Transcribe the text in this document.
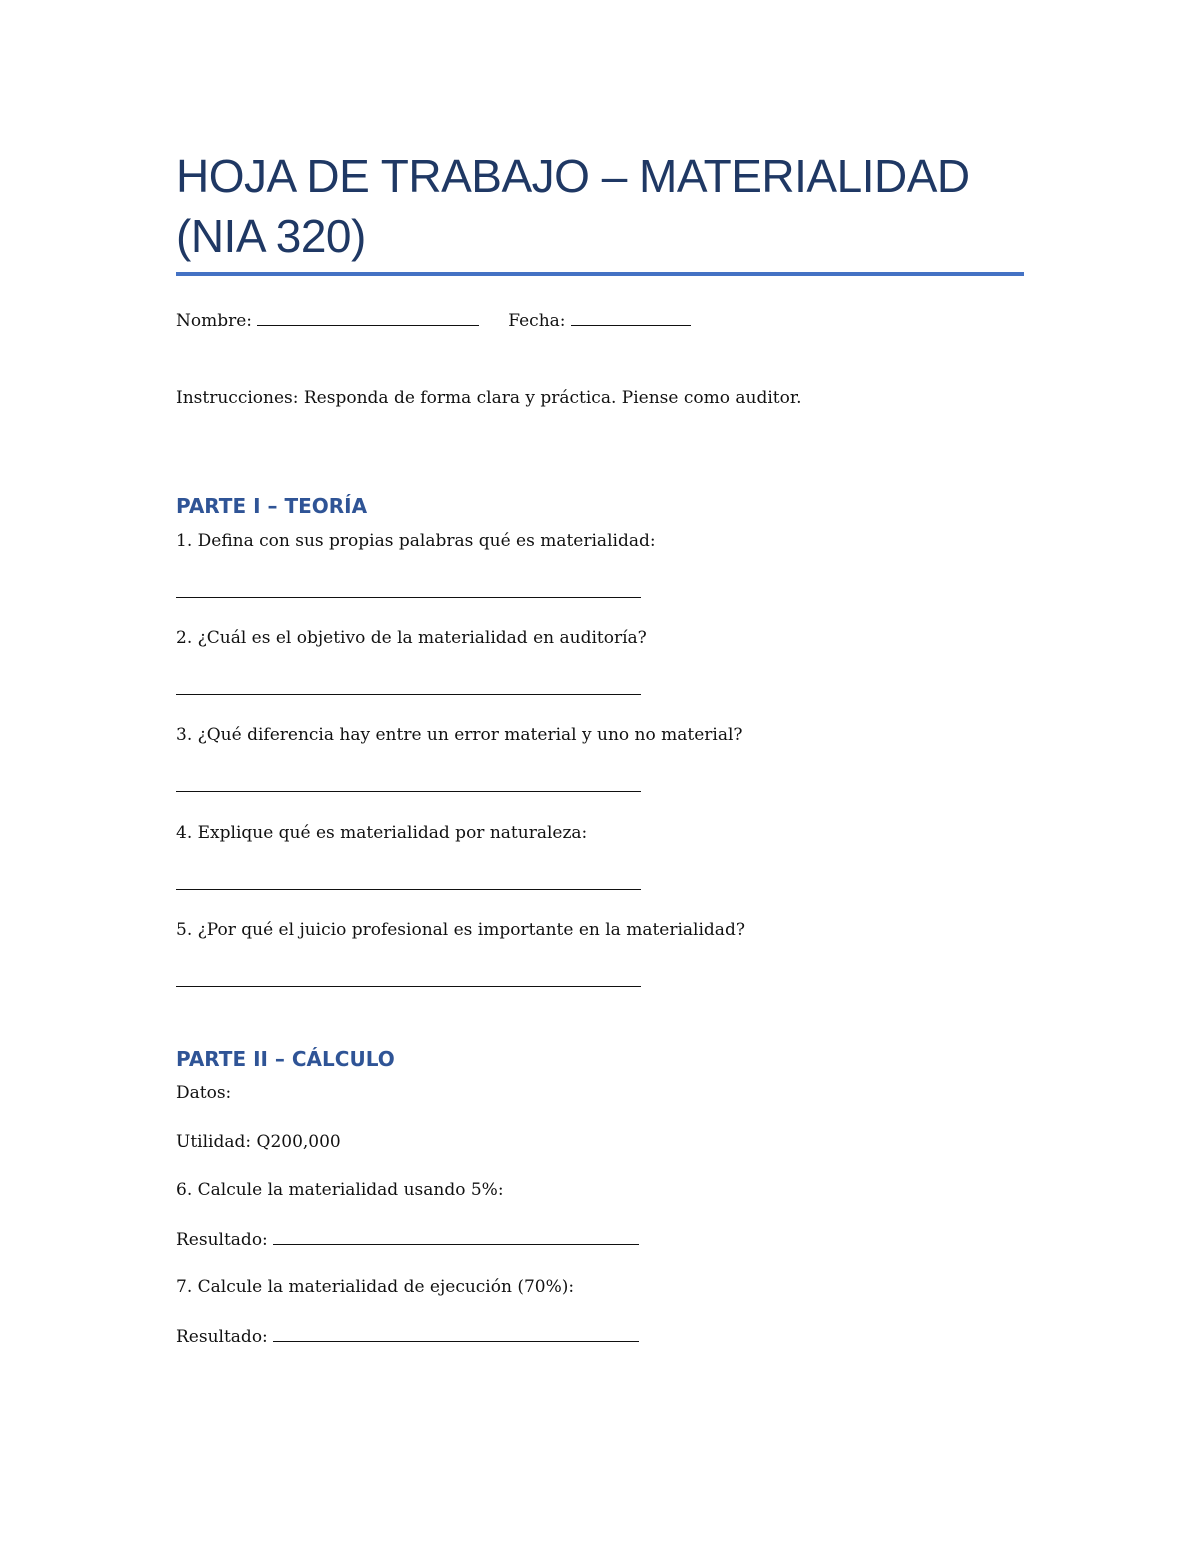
HOJA DE TRABAJO – MATERIALIDAD
(NIA 320)
Nombre:	Fecha:
Instrucciones: Responda de forma clara y práctica. Piense como auditor.
PARTE I – TEORÍA
1. Defina con sus propias palabras qué es materialidad:
2. ¿Cuál es el objetivo de la materialidad en auditoría?
3. ¿Qué diferencia hay entre un error material y uno no material?
4. Explique qué es materialidad por naturaleza:
5. ¿Por qué el juicio profesional es importante en la materialidad?
PARTE II – CÁLCULO
Datos:
Utilidad: Q200,000
6. Calcule la materialidad usando 5%:
Resultado:
7. Calcule la materialidad de ejecución (70%):
Resultado:
